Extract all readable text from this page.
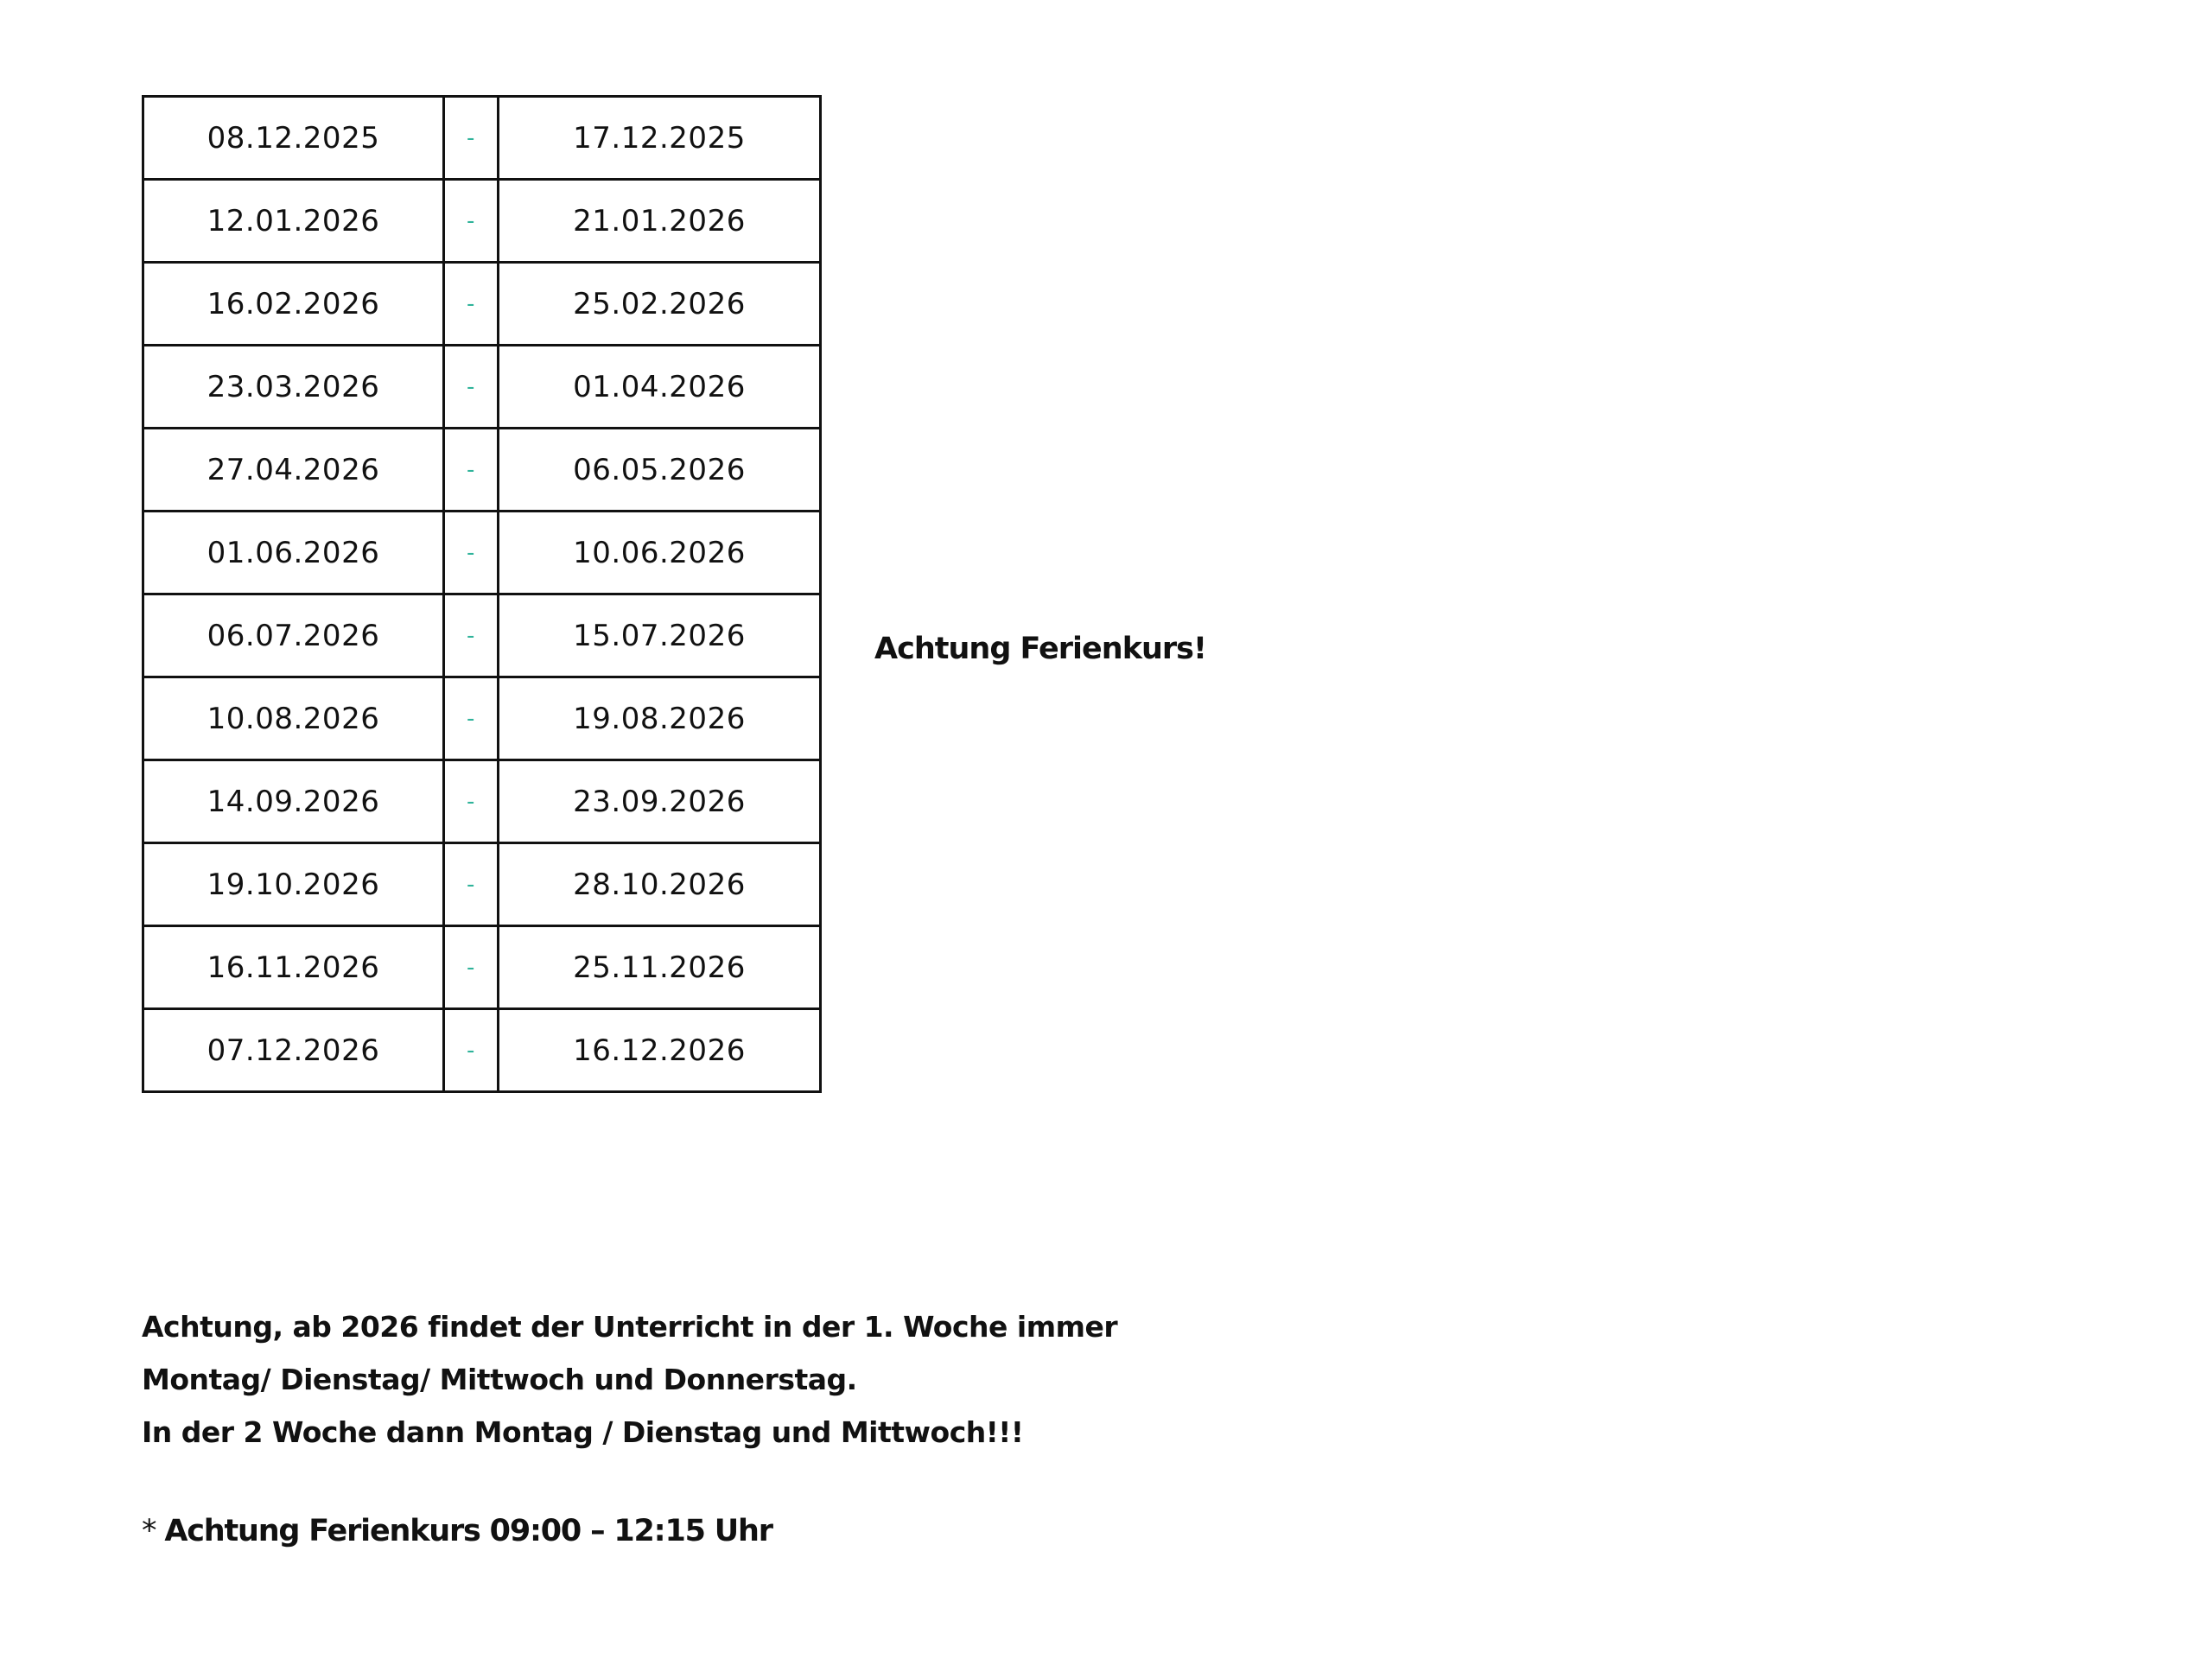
08.12.2025	-	17.12.2025
12.01.2026	-	21.01.2026
16.02.2026	-	25.02.2026
23.03.2026	-	01.04.2026
27.04.2026	-	06.05.2026
01.06.2026	-	10.06.2026
06.07.2026	-	15.07.2026
10.08.2026	-	19.08.2026
14.09.2026	-	23.09.2026
19.10.2026	-	28.10.2026
16.11.2026	-	25.11.2026
07.12.2026	-	16.12.2026
Achtung Ferienkurs!

Achtung, ab 2026 findet der Unterricht in der 1. Woche immer

Montag/ Dienstag/ Mittwoch und Donnerstag.

In der 2 Woche dann Montag / Dienstag und Mittwoch!!!

* Achtung Ferienkurs 09:00 – 12:15 Uhr
